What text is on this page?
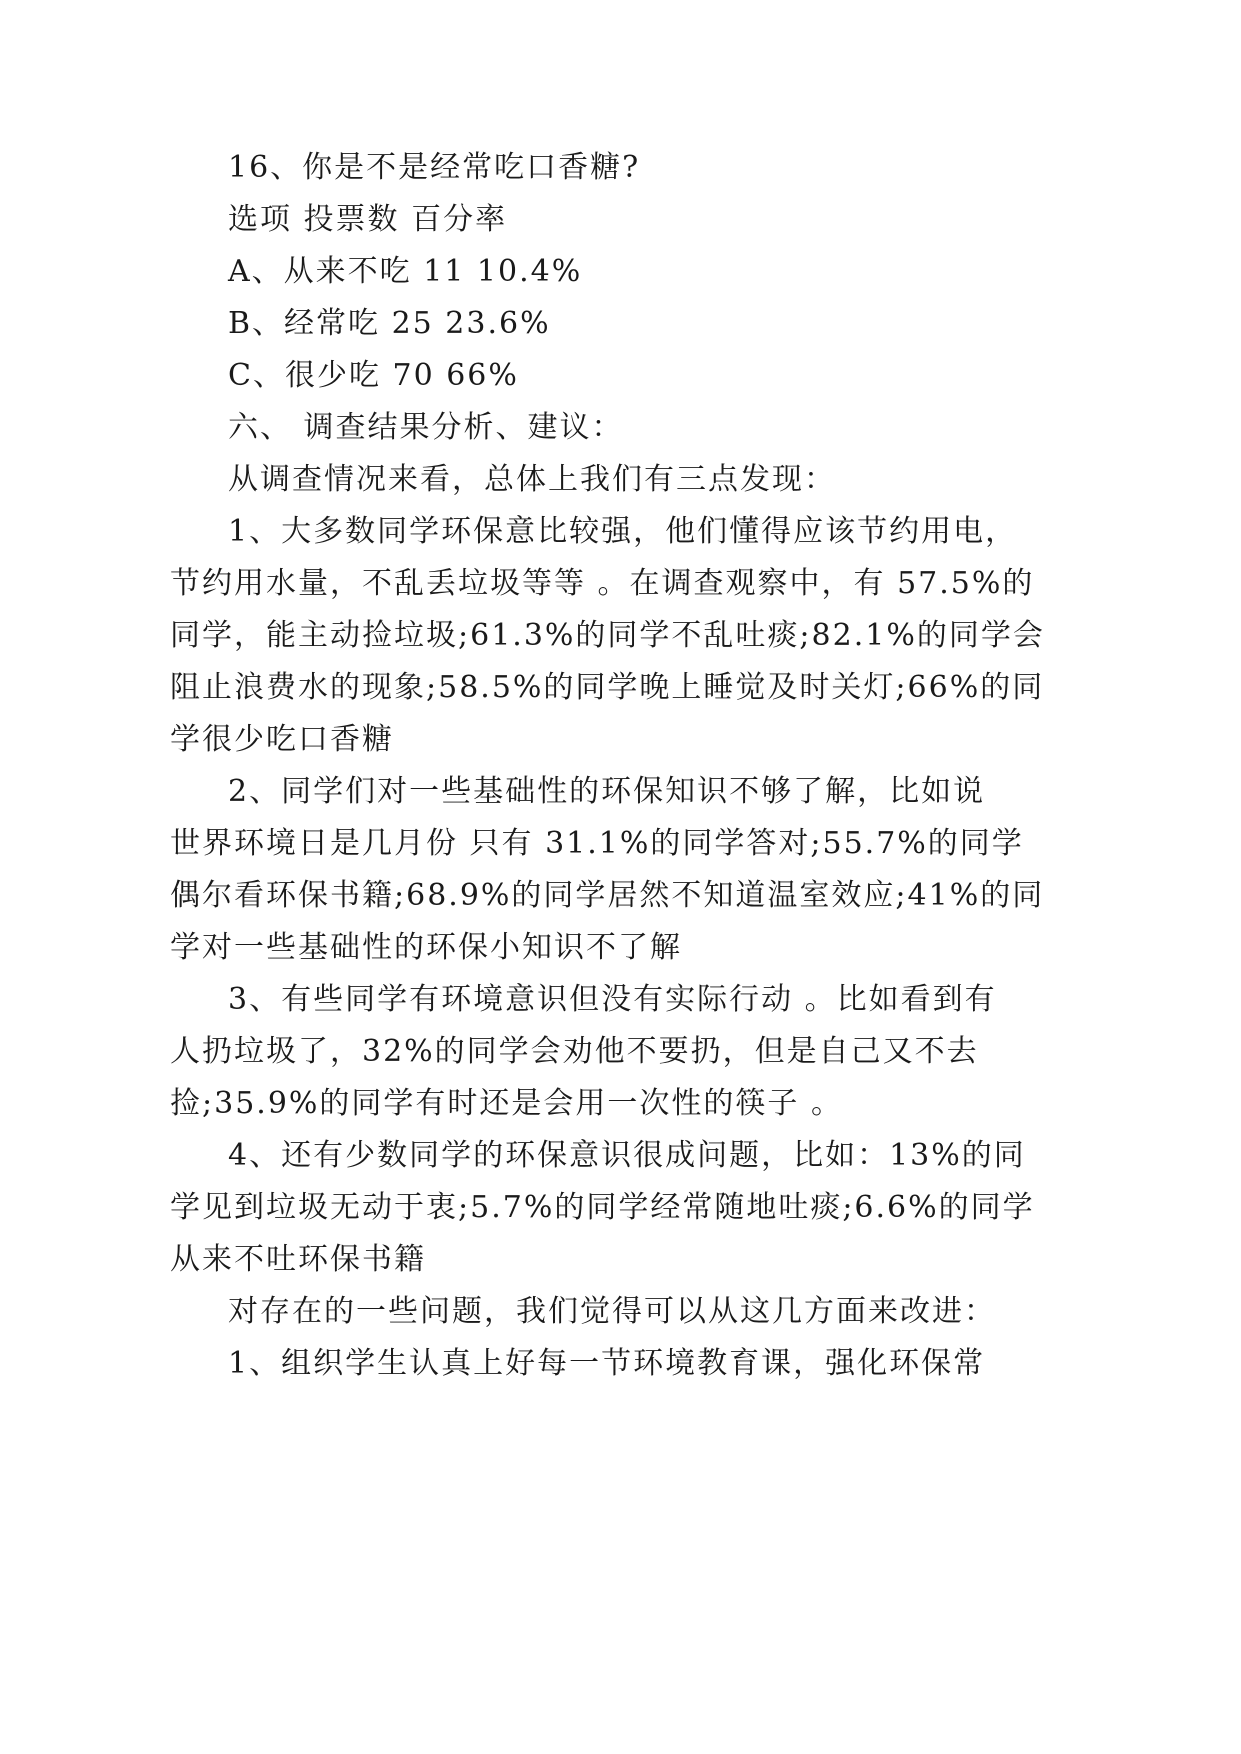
16、你是不是经常吃口香糖?
选项 投票数 百分率
A、从来不吃 11 10.4%
B、经常吃 25 23.6%
C、很少吃 70 66%
六、 调查结果分析、建议：
从调查情况来看，总体上我们有三点发现：
1、大多数同学环保意比较强，他们懂得应该节约用电，
节约用水量，不乱丢垃圾等等 。在调查观察中，有 57.5%的
同学，能主动捡垃圾;61.3%的同学不乱吐痰;82.1%的同学会
阻止浪费水的现象;58.5%的同学晚上睡觉及时关灯;66%的同
学很少吃口香糖
2、同学们对一些基础性的环保知识不够了解，比如说
世界环境日是几月份 只有 31.1%的同学答对;55.7%的同学
偶尔看环保书籍;68.9%的同学居然不知道温室效应;41%的同
学对一些基础性的环保小知识不了解
3、有些同学有环境意识但没有实际行动 。比如看到有
人扔垃圾了，32%的同学会劝他不要扔，但是自己又不去
捡;35.9%的同学有时还是会用一次性的筷子 。
4、还有少数同学的环保意识很成问题，比如：13%的同
学见到垃圾无动于衷;5.7%的同学经常随地吐痰;6.6%的同学
从来不吐环保书籍
对存在的一些问题，我们觉得可以从这几方面来改进：
1、组织学生认真上好每一节环境教育课，强化环保常
